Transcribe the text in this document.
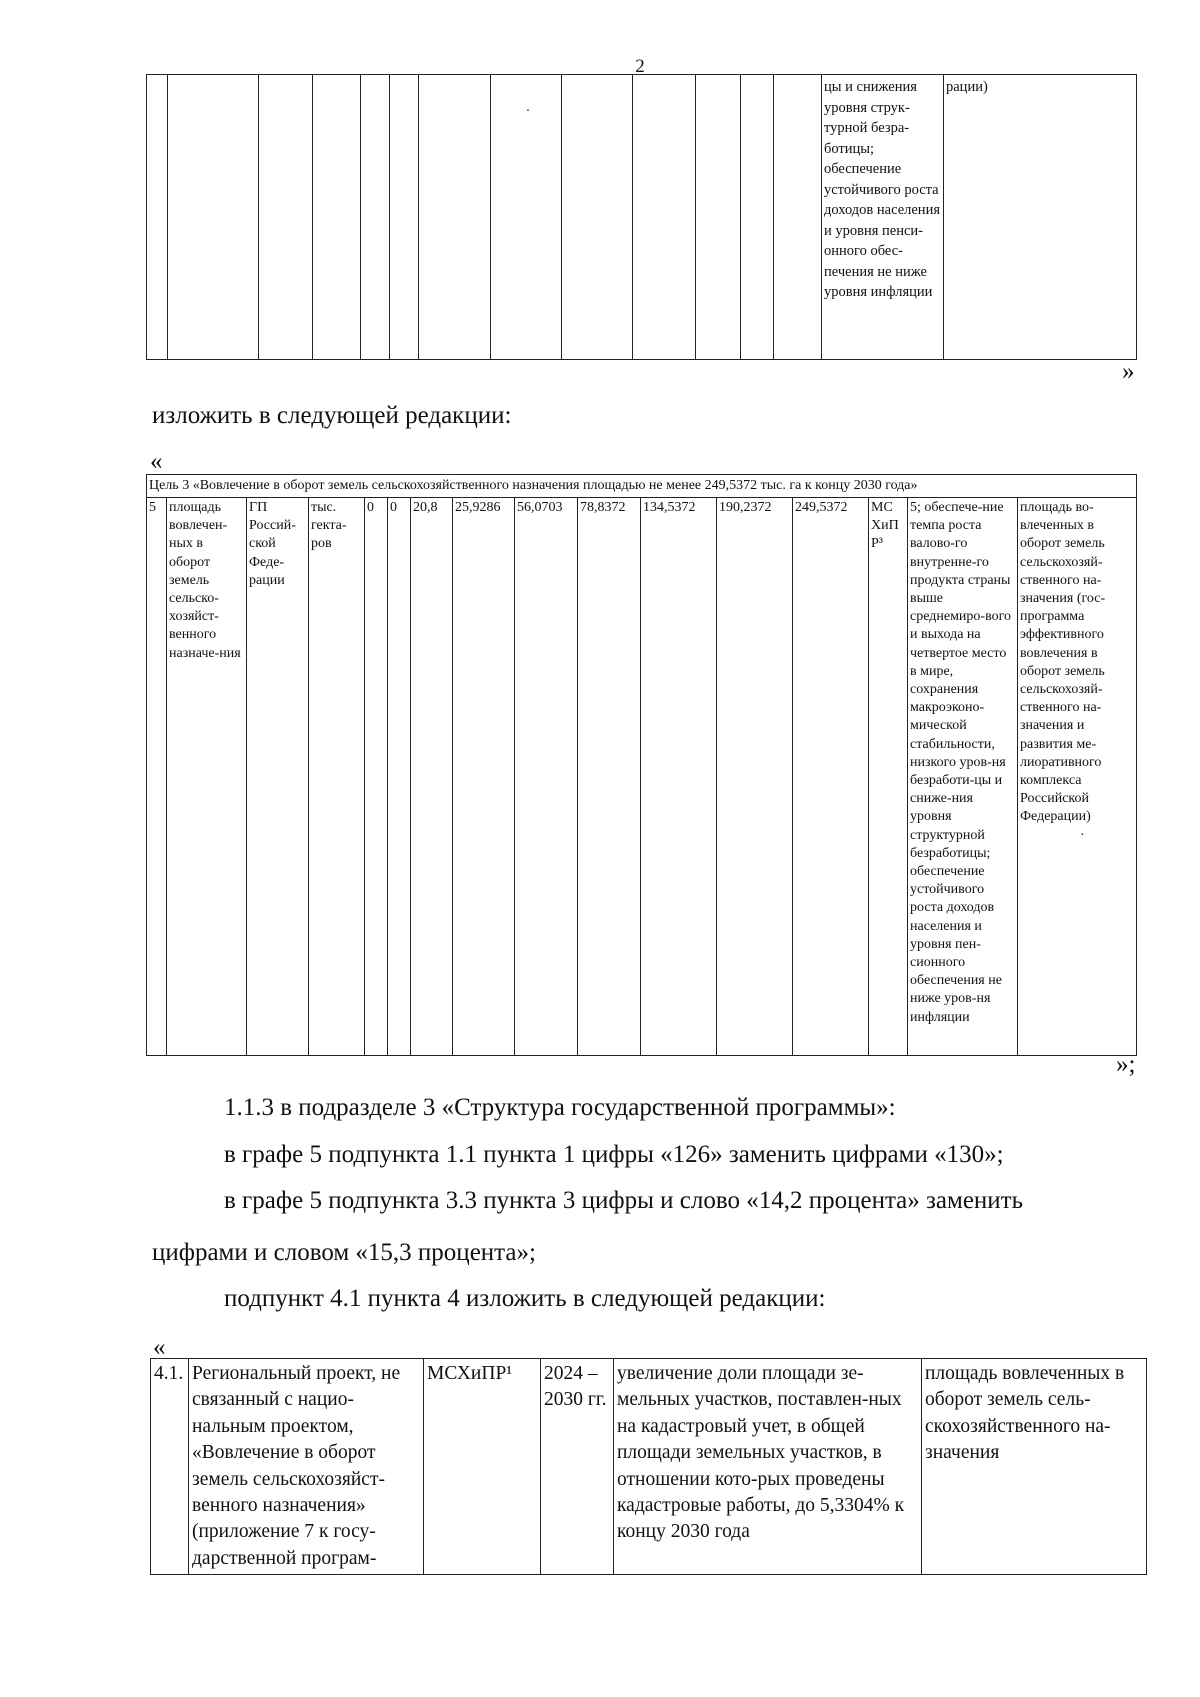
2
							·						цы и снижения уровня струк-турной безра-ботицы; обеспечение устойчивого роста доходов населения и уровня пенси-онного обес-печения не ниже уровня инфляции	рации)
»
изложить в следующей редакции:
«
Цель 3 «Вовлечение в оборот земель сельскохозяйственного назначения площадью не менее 249,5372 тыс. га к концу 2030 года»
5	площадь вовлечен-ных в оборот земель сельско-хозяйст-венного назначе-ния	ГП Россий-ской Феде-рации	тыс. гекта-ров	0	0	20,8	25,9286	56,0703	78,8372	134,5372	190,2372	249,5372	МС ХиП Р³	5; обеспече-ние темпа роста валово-го внутренне-го продукта страны выше среднемиро-вого и выхода на четвертое место в мире, сохранения макроэконо-мической стабильности, низкого уров-ня безработи-цы и сниже-ния уровня структурной безработицы; обеспечение устойчивого роста доходов населения и уровня пен-сионного обеспечения не ниже уров-ня инфляции	площадь во-влеченных в оборот земель сельскохозяй-ственного на-значения (гос-программа эффективного вовлечения в оборот земель сельскохозяй-ственного на-значения и развития ме-лиоративного комплекса Российской Федерации)
·
»;
1.1.3 в подразделе 3 «Структура государственной программы»:
в графе 5 подпункта 1.1 пункта 1 цифры «126» заменить цифрами «130»;
в графе 5 подпункта 3.3 пункта 3 цифры и слово «14,2 процента» заменить
цифрами и словом «15,3 процента»;
подпункт 4.1 пункта 4 изложить в следующей редакции:
«
4.1.	Региональный проект, не связанный с нацио-нальным проектом, «Вовлечение в оборот земель сельскохозяйст-венного назначения» (приложение 7 к госу-дарственной програм-	МСХиПР¹	2024 – 2030 гг.	увеличение доли площади зе-мельных участков, поставлен-ных на кадастровый учет, в общей площади земельных участков, в отношении кото-рых проведены кадастровые работы, до 5,3304% к концу 2030 года	площадь вовлеченных в оборот земель сель-скохозяйственного на-значения
